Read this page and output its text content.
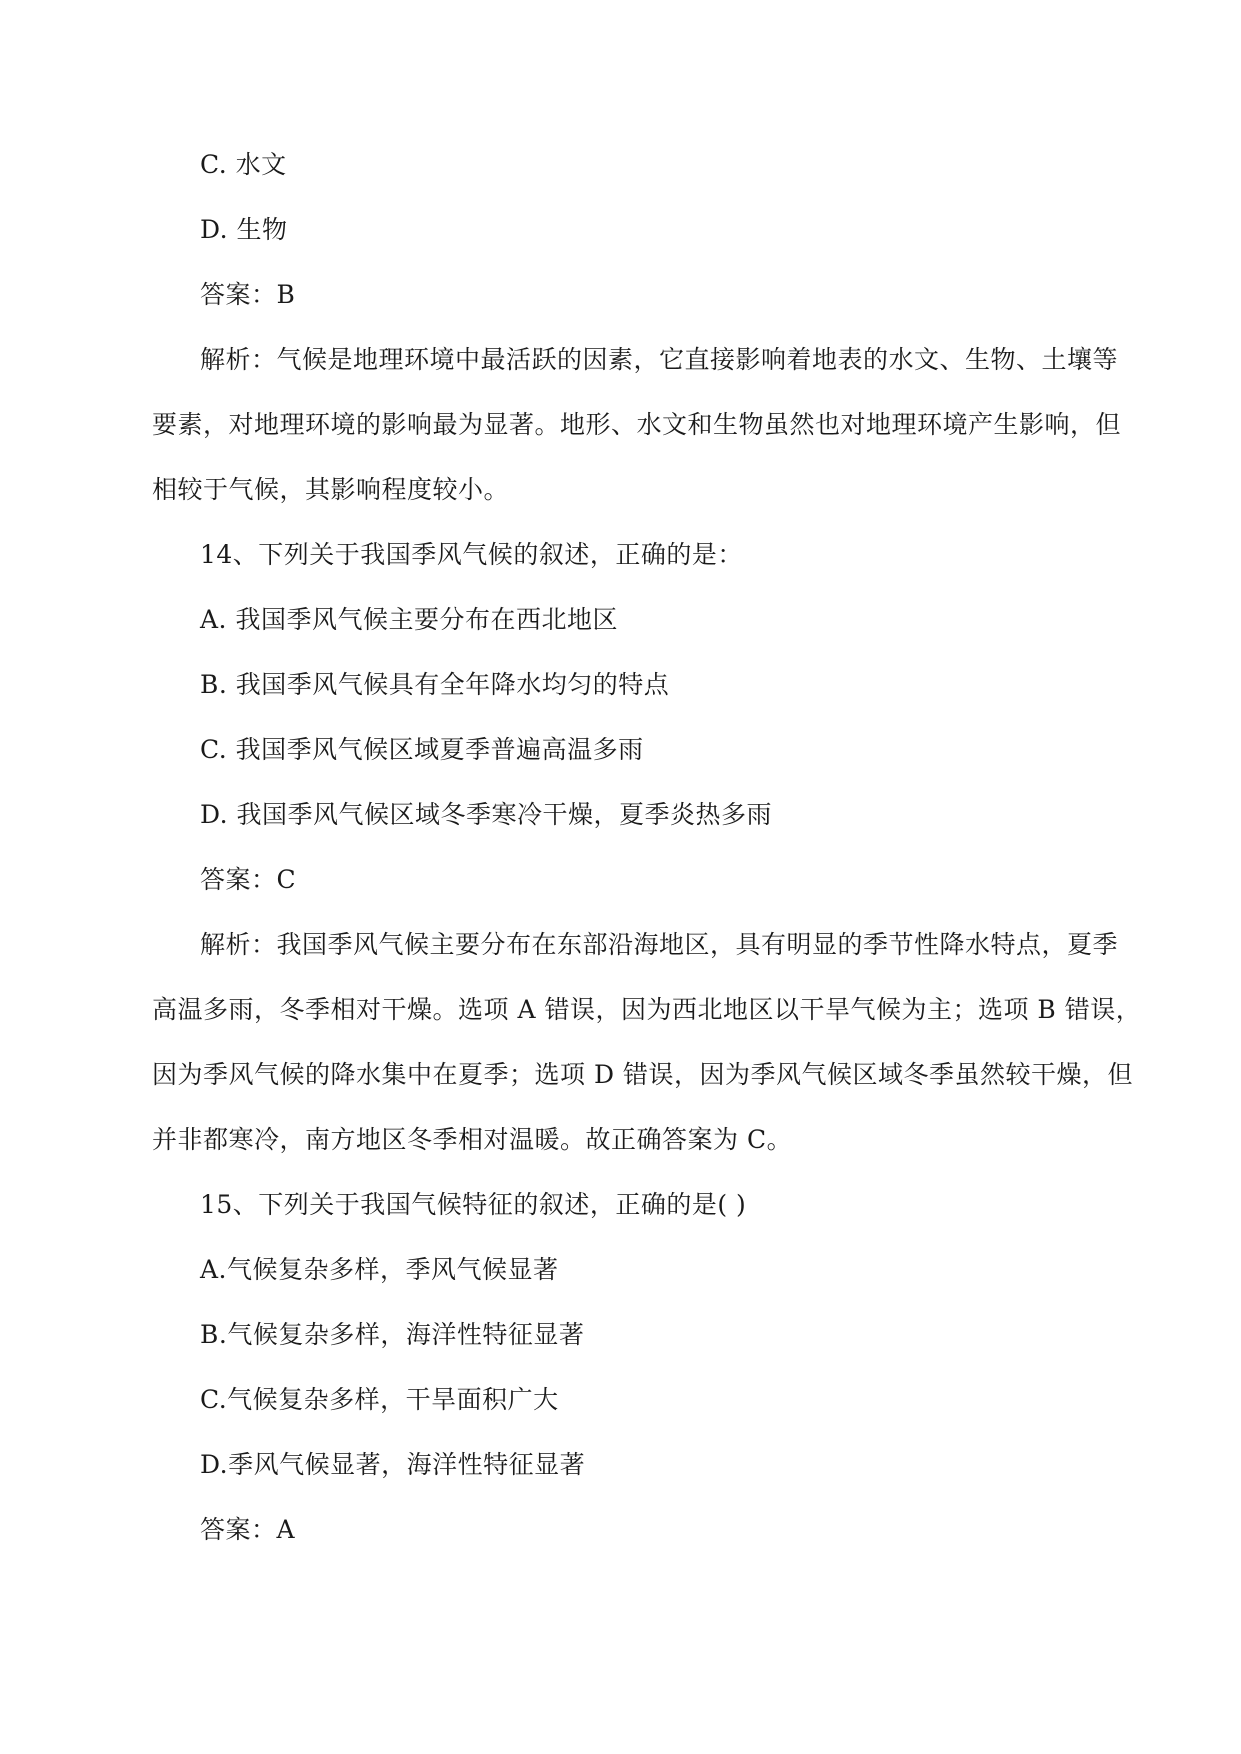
C. 水文
D. 生物
答案：B
解析：气候是地理环境中最活跃的因素，它直接影响着地表的水文、生物、土壤等
要素，对地理环境的影响最为显著。地形、水文和生物虽然也对地理环境产生影响，但
相较于气候，其影响程度较小。
14、下列关于我国季风气候的叙述，正确的是：
A. 我国季风气候主要分布在西北地区
B. 我国季风气候具有全年降水均匀的特点
C. 我国季风气候区域夏季普遍高温多雨
D. 我国季风气候区域冬季寒冷干燥，夏季炎热多雨
答案：C
解析：我国季风气候主要分布在东部沿海地区，具有明显的季节性降水特点，夏季
高温多雨，冬季相对干燥。选项 A 错误，因为西北地区以干旱气候为主；选项 B 错误，
因为季风气候的降水集中在夏季；选项 D 错误，因为季风气候区域冬季虽然较干燥，但
并非都寒冷，南方地区冬季相对温暖。故正确答案为 C。
15、下列关于我国气候特征的叙述，正确的是( )
A.气候复杂多样，季风气候显著
B.气候复杂多样，海洋性特征显著
C.气候复杂多样，干旱面积广大
D.季风气候显著，海洋性特征显著
答案：A
